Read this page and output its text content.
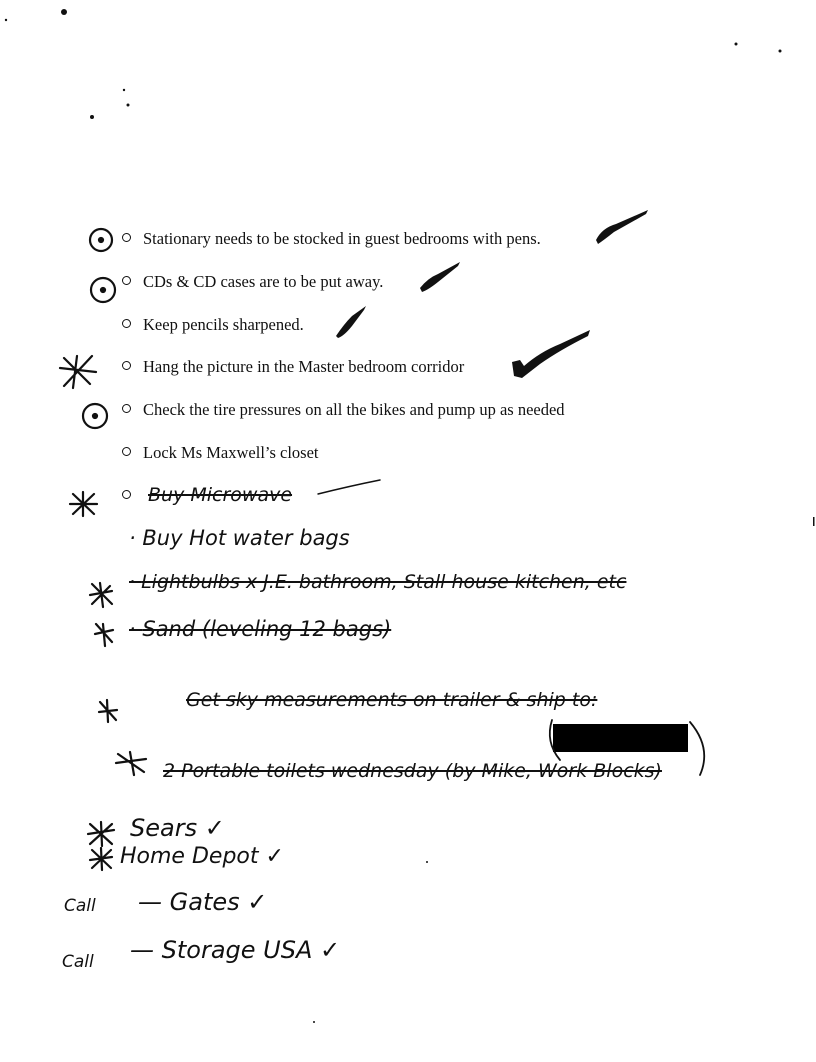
Stationary needs to be stocked in guest bedrooms with pens.
CDs & CD cases are to be put away.
Keep pencils sharpened.
Hang the picture in the Master bedroom corridor
Check the tire pressures on all the bikes and pump up as needed
Lock Ms Maxwell’s closet
Buy Microwave
· Buy Hot water bags
· Lightbulbs x J.E. bathroom, Stall house kitchen, etc
· Sand (leveling 12 bags)
Get sky measurements on trailer & ship to:
2 Portable toilets wednesday (by Mike, Work Blocks)
Sears ✓
Home Depot ✓
Call — Gates ✓
Call — Storage USA ✓
